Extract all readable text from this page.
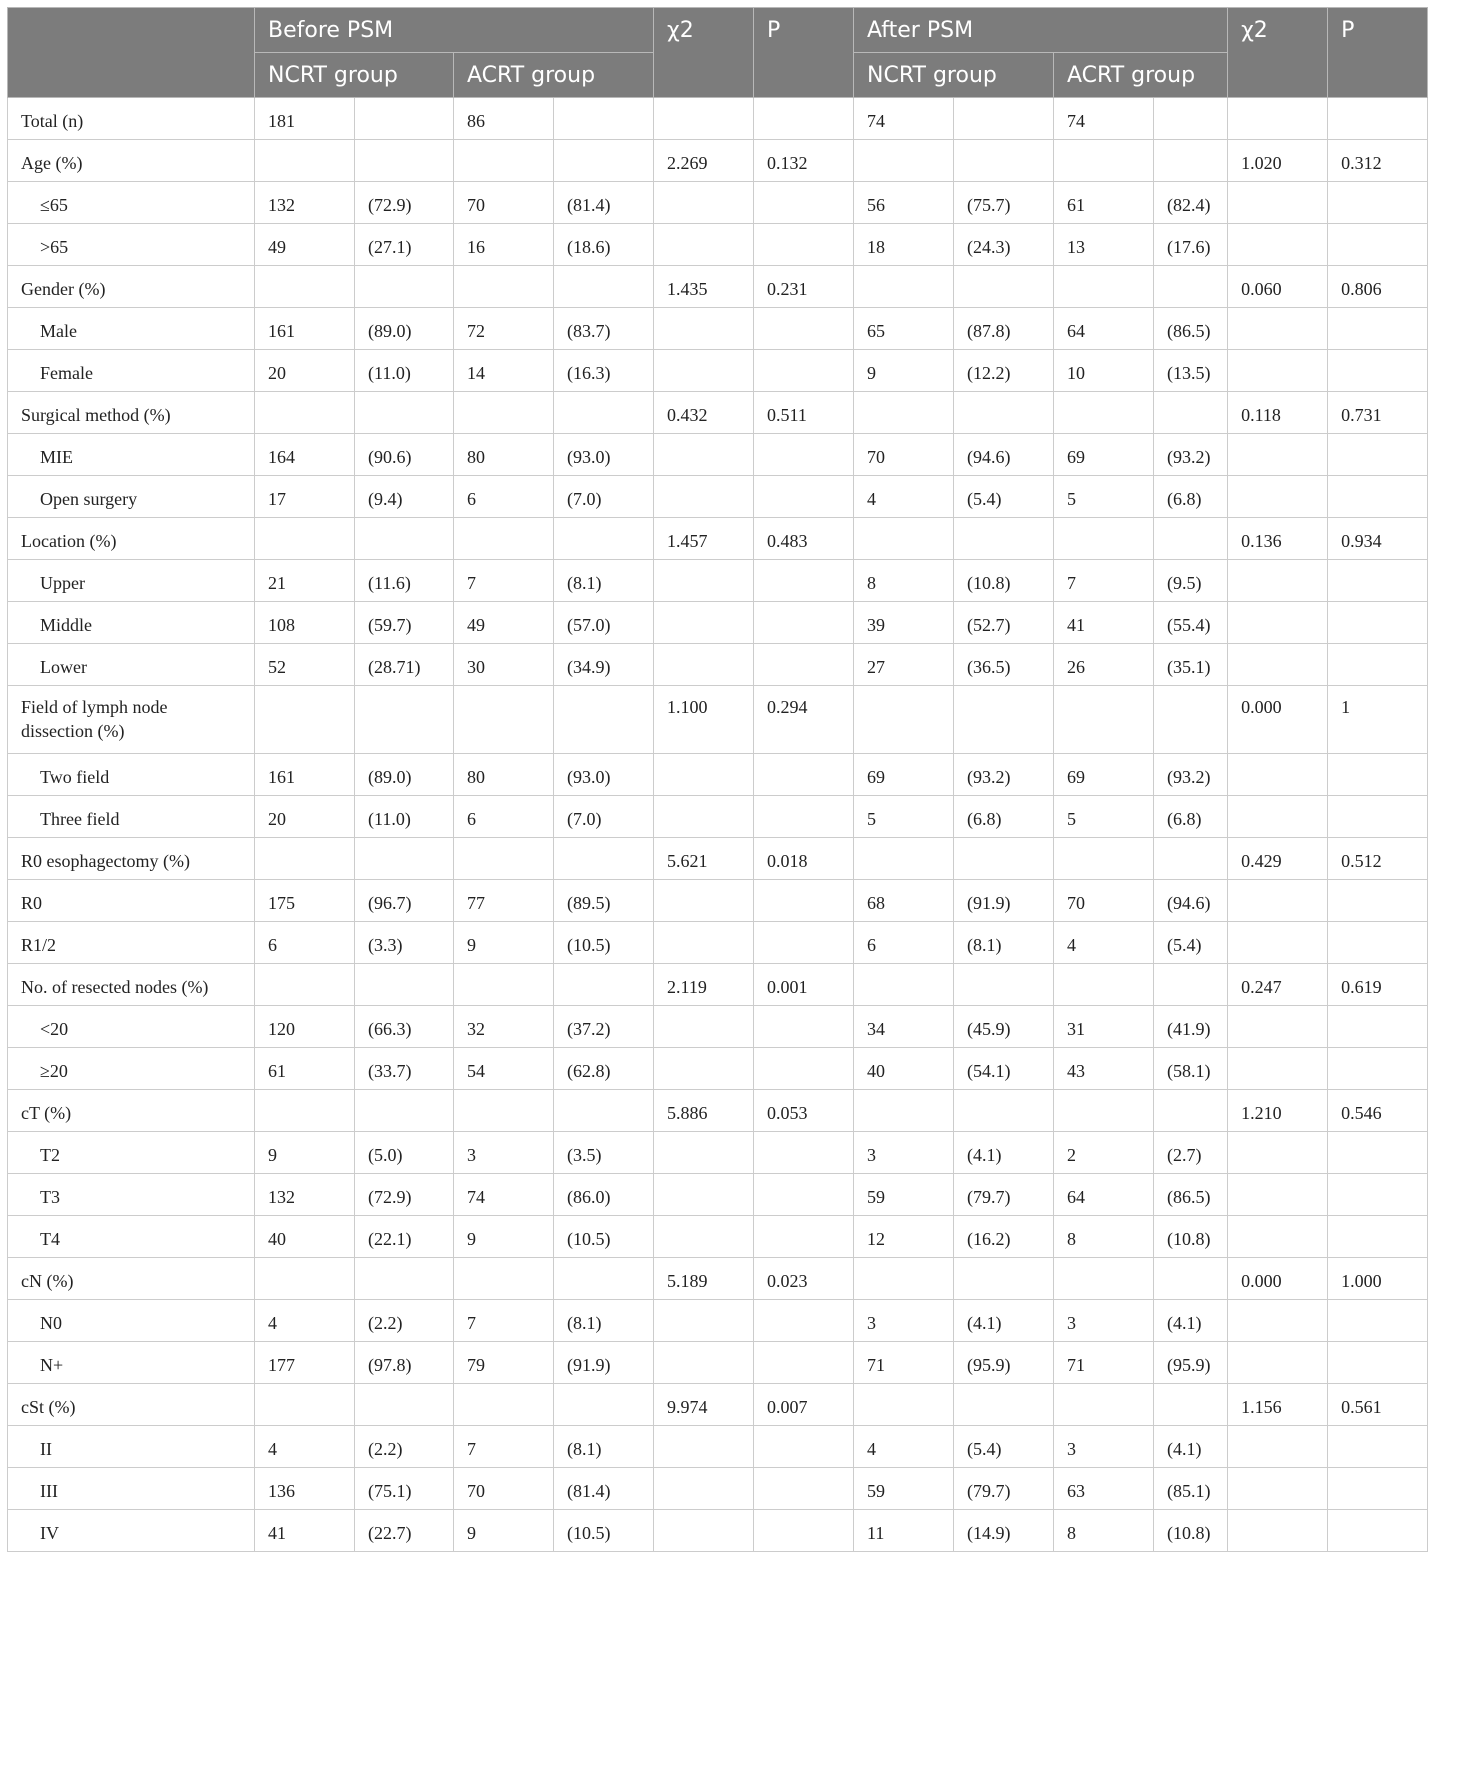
	Before PSM				χ2	P	After PSM				χ2	P
	NCRT group		ACRT group				NCRT group		ACRT group			
Total (n)	181		86				74		74			
Age (%)					2.269	0.132					1.020	0.312
≤65	132	(72.9)	70	(81.4)			56	(75.7)	61	(82.4)		
>65	49	(27.1)	16	(18.6)			18	(24.3)	13	(17.6)		
Gender (%)					1.435	0.231					0.060	0.806
Male	161	(89.0)	72	(83.7)			65	(87.8)	64	(86.5)		
Female	20	(11.0)	14	(16.3)			9	(12.2)	10	(13.5)		
Surgical method (%)					0.432	0.511					0.118	0.731
MIE	164	(90.6)	80	(93.0)			70	(94.6)	69	(93.2)		
Open surgery	17	(9.4)	6	(7.0)			4	(5.4)	5	(6.8)		
Location (%)					1.457	0.483					0.136	0.934
Upper	21	(11.6)	7	(8.1)			8	(10.8)	7	(9.5)		
Middle	108	(59.7)	49	(57.0)			39	(52.7)	41	(55.4)		
Lower	52	(28.71)	30	(34.9)			27	(36.5)	26	(35.1)		
Field of lymph node dissection (%)					1.100	0.294					0.000	1
Two field	161	(89.0)	80	(93.0)			69	(93.2)	69	(93.2)		
Three field	20	(11.0)	6	(7.0)			5	(6.8)	5	(6.8)		
R0 esophagectomy (%)					5.621	0.018					0.429	0.512
R0	175	(96.7)	77	(89.5)			68	(91.9)	70	(94.6)		
R1/2	6	(3.3)	9	(10.5)			6	(8.1)	4	(5.4)		
No. of resected nodes (%)					2.119	0.001					0.247	0.619
<20	120	(66.3)	32	(37.2)			34	(45.9)	31	(41.9)		
≥20	61	(33.7)	54	(62.8)			40	(54.1)	43	(58.1)		
cT (%)					5.886	0.053					1.210	0.546
T2	9	(5.0)	3	(3.5)			3	(4.1)	2	(2.7)		
T3	132	(72.9)	74	(86.0)			59	(79.7)	64	(86.5)		
T4	40	(22.1)	9	(10.5)			12	(16.2)	8	(10.8)		
cN (%)					5.189	0.023					0.000	1.000
N0	4	(2.2)	7	(8.1)			3	(4.1)	3	(4.1)		
N+	177	(97.8)	79	(91.9)			71	(95.9)	71	(95.9)		
cSt (%)					9.974	0.007					1.156	0.561
II	4	(2.2)	7	(8.1)			4	(5.4)	3	(4.1)		
III	136	(75.1)	70	(81.4)			59	(79.7)	63	(85.1)		
IV	41	(22.7)	9	(10.5)			11	(14.9)	8	(10.8)		
